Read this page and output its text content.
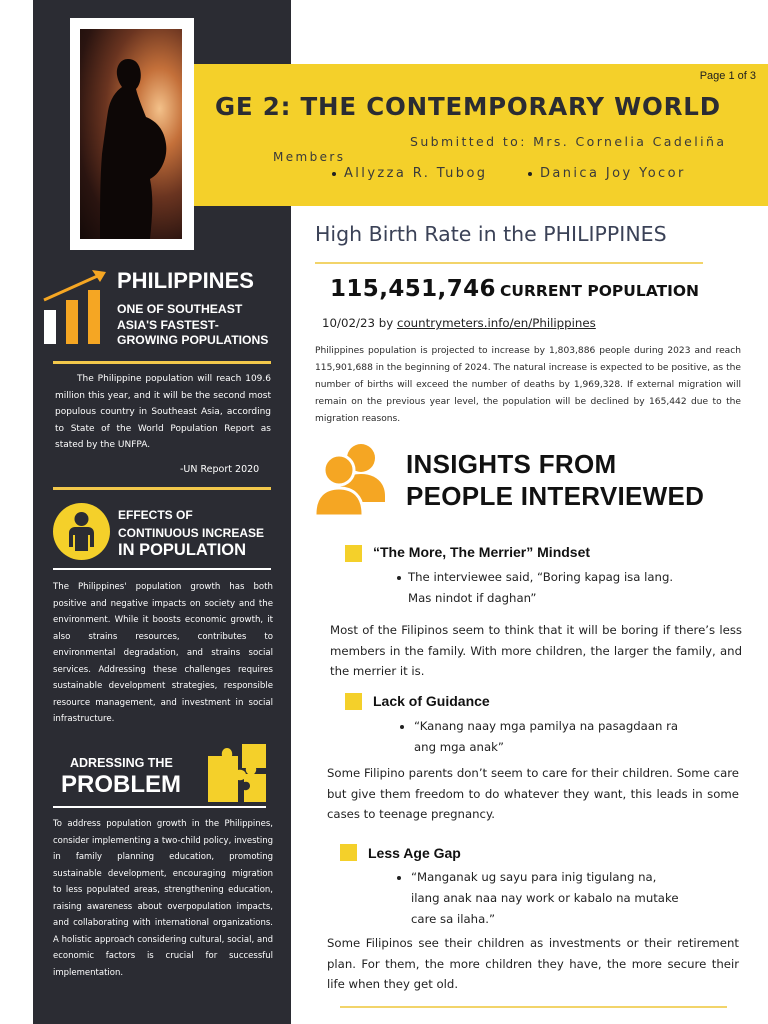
PHILIPPINES
ONE OF SOUTHEAST
ASIA'S FASTEST-
GROWING POPULATIONS
The Philippine population will reach 109.6 million this year, and it will be the second most populous country in Southeast Asia, according to State of the World Population Report as stated by the UNFPA.
-UN Report 2020
EFFECTS OF
CONTINUOUS INCREASE
IN POPULATION
The Philippines' population growth has both positive and negative impacts on society and the environment. While it boosts economic growth, it also strains resources, contributes to environmental degradation, and strains social services. Addressing these challenges requires sustainable development strategies, responsible resource management, and investment in social infrastructure.
ADRESSING THE
PROBLEM
To address population growth in the Philippines, consider implementing a two-child policy, investing in family planning education, promoting sustainable development, encouraging migration to less populated areas, strengthening education, raising awareness about overpopulation impacts, and collaborating with international organizations. A holistic approach considering cultural, social, and economic factors is crucial for successful implementation.
Page 1 of 3
GE 2: THE CONTEMPORARY WORLD
Submitted to: Mrs. Cornelia Cadeliña
Members
Allyzza R. Tubog	Danica Joy Yocor
High Birth Rate in the PHILIPPINES
115,451,746 CURRENT POPULATION
10/02/23 by countrymeters.info/en/Philippines
Philippines population is projected to increase by 1,803,886 people during 2023 and reach 115,901,688 in the beginning of 2024. The natural increase is expected to be positive, as the number of births will exceed the number of deaths by 1,969,328. If external migration will remain on the previous year level, the population will be declined by 165,442 due to the migration reasons.
INSIGHTS FROM
PEOPLE INTERVIEWED
“The More, The Merrier” Mindset
The interviewee said, “Boring kapag isa lang.
Mas nindot if daghan”
Most of the Filipinos seem to think that it will be boring if there’s less members in the family. With more children, the larger the family, and the merrier it is.
Lack of Guidance
“Kanang naay mga pamilya na pasagdaan ra
ang mga anak”
Some Filipino parents don’t seem to care for their children. Some care but give them freedom to do whatever they want, this leads in some cases to teenage pregnancy.
Less Age Gap
“Manganak ug sayu para inig tigulang na,
ilang anak naa nay work or kabalo na mutake
care sa ilaha.”
Some Filipinos see their children as investments or their retirement plan. For them, the more children they have, the more secure their life when they get old.
